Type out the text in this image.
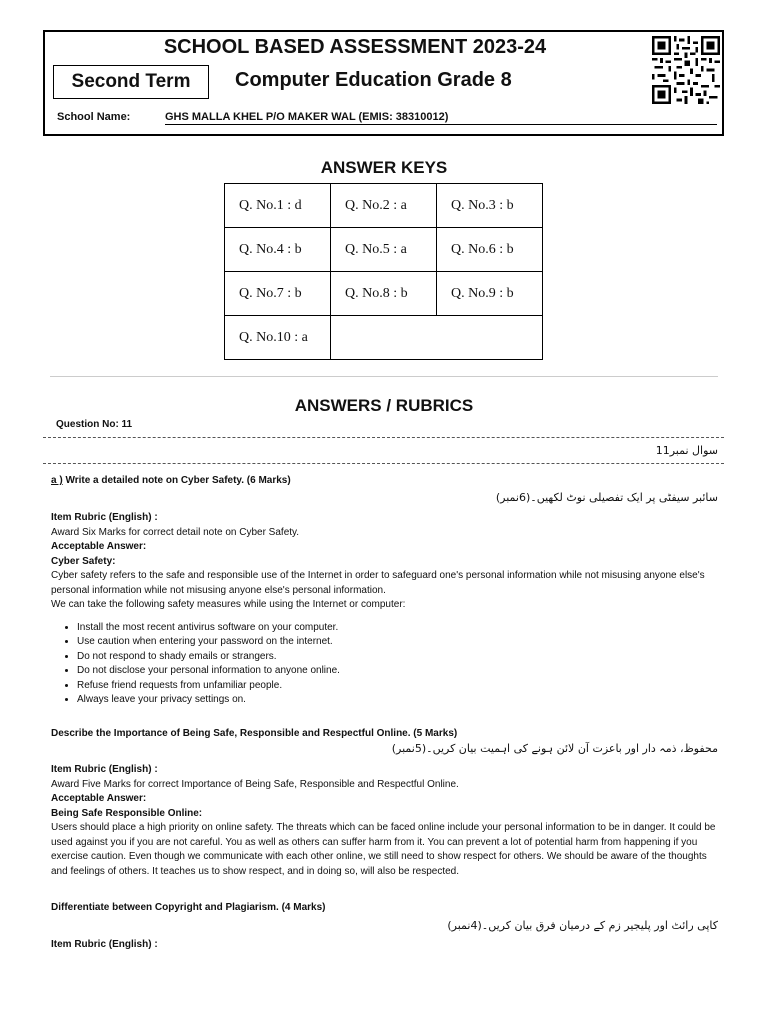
SCHOOL BASED ASSESSMENT 2023-24
Second Term	Computer Education Grade 8
School Name:	GHS MALLA KHEL P/O MAKER WAL (EMIS: 38310012)
ANSWER KEYS
Q. No.1 : d	Q. No.2 : a	Q. No.3 : b
Q. No.4 : b	Q. No.5 : a	Q. No.6 : b
Q. No.7 : b	Q. No.8 : b	Q. No.9 : b
Q. No.10 : a		
ANSWERS / RUBRICS
Question No: 11
سوال نمبر11
a ) Write a detailed note on Cyber Safety. (6 Marks)
سائبر سیفٹی پر ایک تفصیلی نوٹ لکھیں۔(6نمبر)

Item Rubric (English) :

Award Six Marks for correct detail note on Cyber Safety.

Acceptable Answer:

Cyber Safety:

Cyber safety refers to the safe and responsible use of the Internet in order to safeguard one's personal information while not misusing anyone else's personal information while not misusing anyone else's personal information.

We can take the following safety measures while using the Internet or computer:

• Install the most recent antivirus software on your computer.
• Use caution when entering your password on the internet.
• Do not respond to shady emails or strangers.
• Do not disclose your personal information to anyone online.
• Refuse friend requests from unfamiliar people.
• Always leave your privacy settings on.
Describe the Importance of Being Safe, Responsible and Respectful Online. (5 Marks)
محفوظ، ذمہ دار اور باعزت آن لائن ہونے کی اہمیت بیان کریں۔(5نمبر)

Item Rubric (English) :

Award Five Marks for correct Importance of Being Safe, Responsible and Respectful Online.

Acceptable Answer:

Being Safe Responsible Online:

Users should place a high priority on online safety. The threats which can be faced online include your personal information to be in danger. It could be used against you if you are not careful. You as well as others can suffer harm from it. You can prevent a lot of potential harm from happening if you exercise caution. Even though we communicate with each other online, we still need to show respect for others. We should be aware of the thoughts and feelings of others. It teaches us to show respect, and in doing so, will also be respected.

Differentiate between Copyright and Plagiarism. (4 Marks)
کاپی رائٹ اور پلیجیر زم کے درمیان فرق بیان کریں۔(4نمبر)
Item Rubric (English) :
